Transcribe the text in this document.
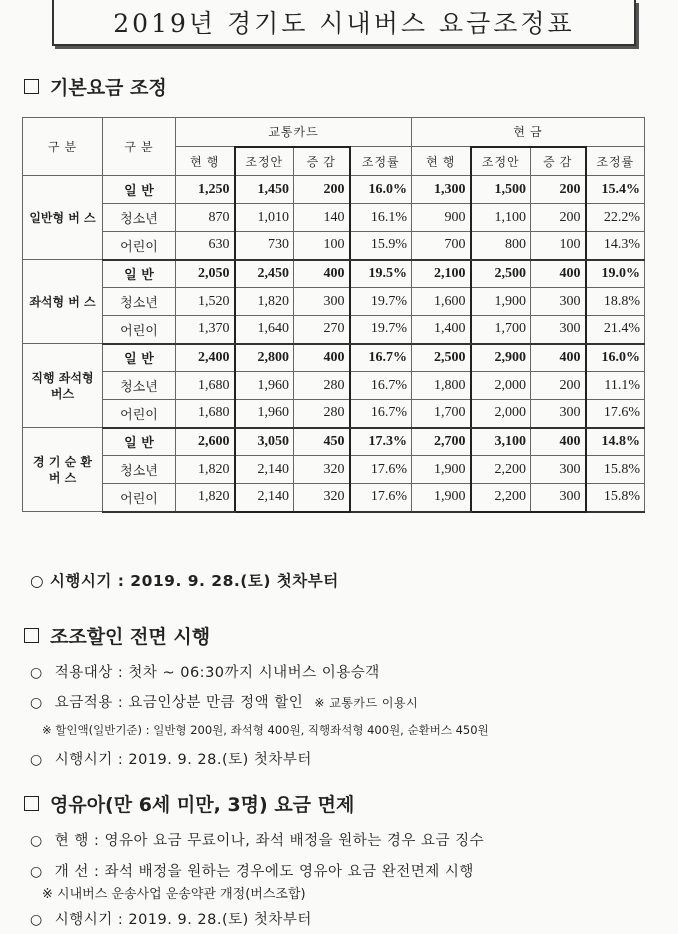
2019년 경기도 시내버스 요금조정표
기본요금 조정
구 분	구 분	교통카드				현 금			
		현 행	조정안	증 감	조정률	현 행	조정안	증 감	조정률
일반형 버 스	일 반	1,250	1,450	200	16.0%	1,300	1,500	200	15.4%
	청소년	870	1,010	140	16.1%	900	1,100	200	22.2%
	어린이	630	730	100	15.9%	700	800	100	14.3%
좌석형 버 스	일 반	2,050	2,450	400	19.5%	2,100	2,500	400	19.0%
	청소년	1,520	1,820	300	19.7%	1,600	1,900	300	18.8%
	어린이	1,370	1,640	270	19.7%	1,400	1,700	300	21.4%
직행 좌석형 버스	일 반	2,400	2,800	400	16.7%	2,500	2,900	400	16.0%
	청소년	1,680	1,960	280	16.7%	1,800	2,000	200	11.1%
	어린이	1,680	1,960	280	16.7%	1,700	2,000	300	17.6%
경 기 순 환 버 스	일 반	2,600	3,050	450	17.3%	2,700	3,100	400	14.8%
	청소년	1,820	2,140	320	17.6%	1,900	2,200	300	15.8%
	어린이	1,820	2,140	320	17.6%	1,900	2,200	300	15.8%
○ 시행시기 : 2019. 9. 28.(토) 첫차부터
조조할인 전면 시행
○ 적용대상 : 첫차 ~ 06:30까지 시내버스 이용승객
○ 요금적용 : 요금인상분 만큼 정액 할인 ※ 교통카드 이용시
※ 할인액(일반기준) : 일반형 200원, 좌석형 400원, 직행좌석형 400원, 순환버스 450원
○ 시행시기 : 2019. 9. 28.(토) 첫차부터
영유아(만 6세 미만, 3명) 요금 면제
○ 현 행 : 영유아 요금 무료이나, 좌석 배정을 원하는 경우 요금 징수
○ 개 선 : 좌석 배정을 원하는 경우에도 영유아 요금 완전면제 시행
※ 시내버스 운송사업 운송약관 개정(버스조합)
○ 시행시기 : 2019. 9. 28.(토) 첫차부터
